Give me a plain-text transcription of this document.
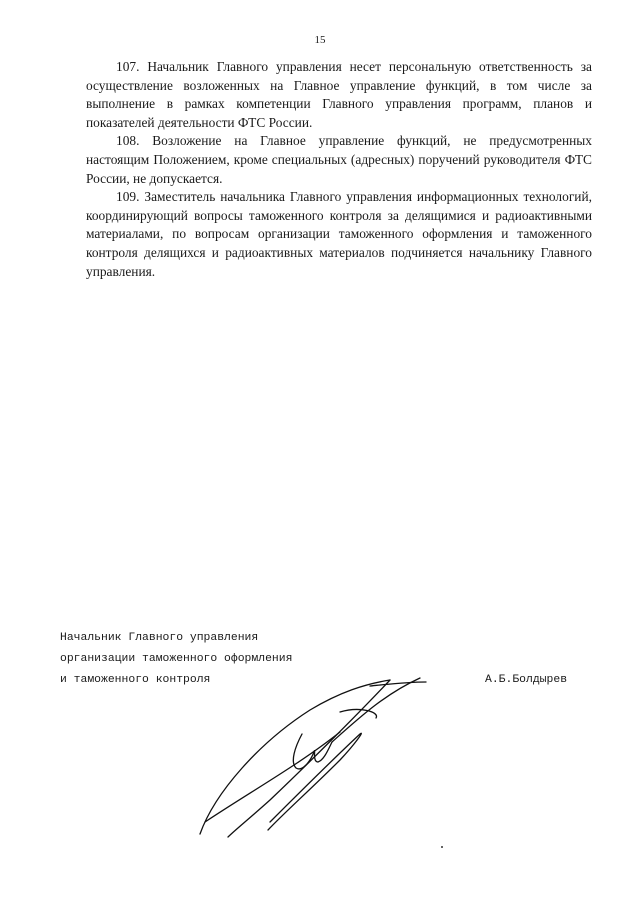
15

107. Начальник Главного управления несет персональную ответственность за осуществление возложенных на Главное управление функций, в том числе за выполнение в рамках компетенции Главного управления программ, планов и показателей деятельности ФТС России.

108. Возложение на Главное управление функций, не предусмотренных настоящим Положением, кроме специальных (адресных) поручений руководителя ФТС России, не допускается.

109. Заместитель начальника Главного управления информационных технологий, координирующий вопросы таможенного контроля за делящимися и радиоактивными материалами, по вопросам организации таможенного оформления и таможенного контроля делящихся и радиоактивных материалов подчиняется начальнику Главного управления.

Начальник Главного управления
организации таможенного оформления
и таможенного контроля	А.Б.Болдырев
